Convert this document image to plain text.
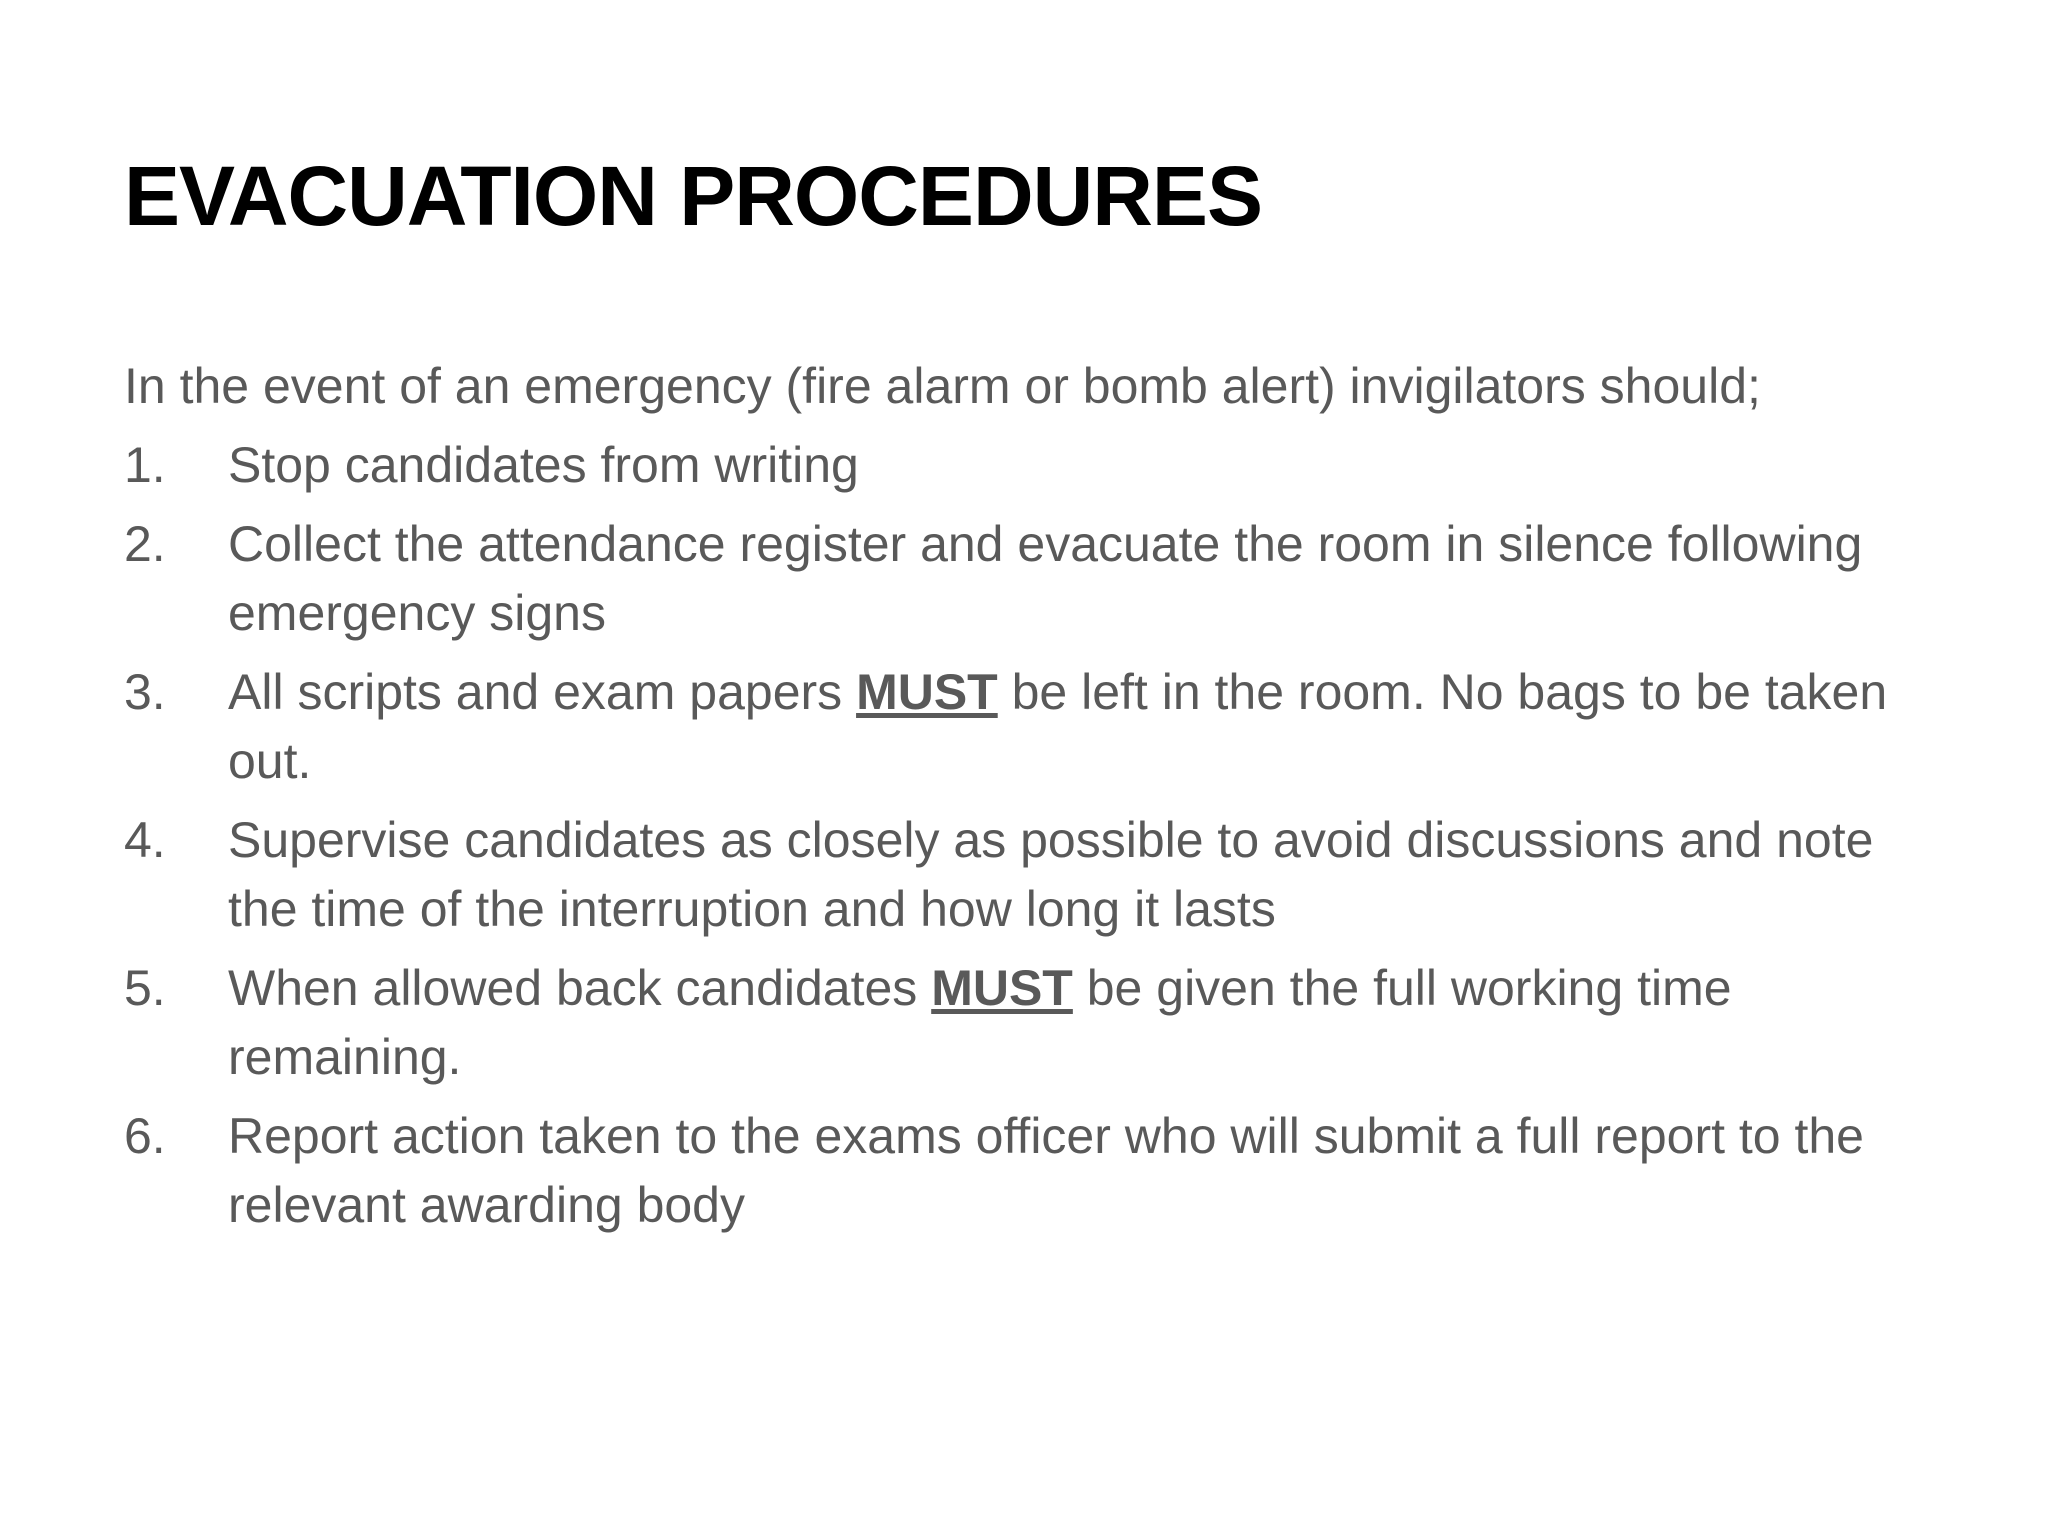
EVACUATION PROCEDURES

In the event of an emergency (fire alarm or bomb alert) invigilators should;

1. Stop candidates from writing
2. Collect the attendance register and evacuate the room in silence following emergency signs
3. All scripts and exam papers MUST be left in the room. No bags to be taken out.
4. Supervise candidates as closely as possible to avoid discussions and note the time of the interruption and how long it lasts
5. When allowed back candidates MUST be given the full working time remaining.
6. Report action taken to the exams officer who will submit a full report to the relevant awarding body
